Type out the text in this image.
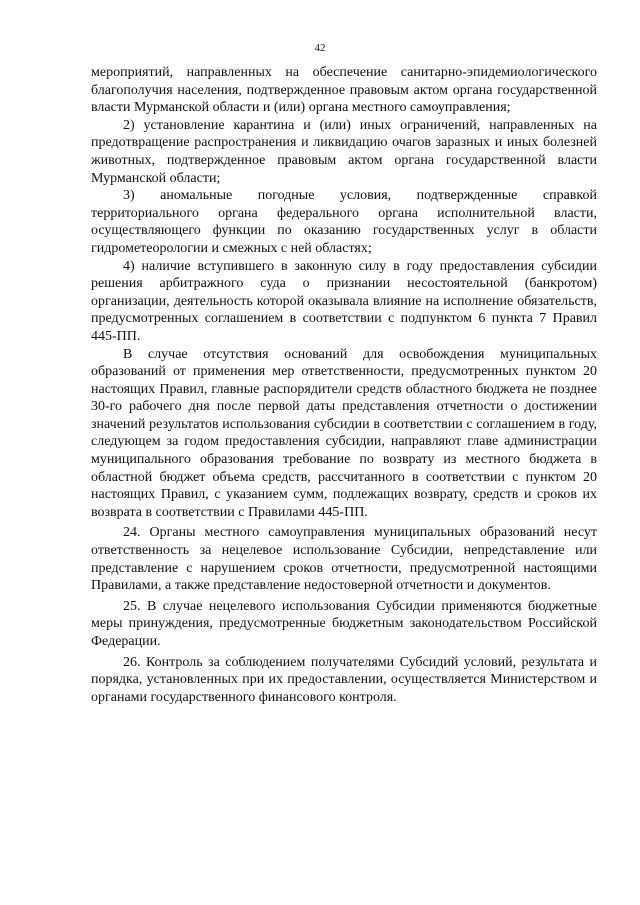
42

мероприятий, направленных на обеспечение санитарно-эпидемиологического благополучия населения, подтвержденное правовым актом органа государственной власти Мурманской области и (или) органа местного самоуправления;

2) установление карантина и (или) иных ограничений, направленных на предотвращение распространения и ликвидацию очагов заразных и иных болезней животных, подтвержденное правовым актом органа государственной власти Мурманской области;

3) аномальные погодные условия, подтвержденные справкой территориального органа федерального органа исполнительной власти, осуществляющего функции по оказанию государственных услуг в области гидрометеорологии и смежных с ней областях;

4) наличие вступившего в законную силу в году предоставления субсидии решения арбитражного суда о признании несостоятельной (банкротом) организации, деятельность которой оказывала влияние на исполнение обязательств, предусмотренных соглашением в соответствии с подпунктом 6 пункта 7 Правил 445-ПП.

В случае отсутствия оснований для освобождения муниципальных образований от применения мер ответственности, предусмотренных пунктом 20 настоящих Правил, главные распорядители средств областного бюджета не позднее 30-го рабочего дня после первой даты представления отчетности о достижении значений результатов использования субсидии в соответствии с соглашением в году, следующем за годом предоставления субсидии, направляют главе администрации муниципального образования требование по возврату из местного бюджета в областной бюджет объема средств, рассчитанного в соответствии с пунктом 20 настоящих Правил, с указанием сумм, подлежащих возврату, средств и сроков их возврата в соответствии с Правилами 445-ПП.

24. Органы местного самоуправления муниципальных образований несут ответственность за нецелевое использование Субсидии, непредставление или представление с нарушением сроков отчетности, предусмотренной настоящими Правилами, а также представление недостоверной отчетности и документов.

25. В случае нецелевого использования Субсидии применяются бюджетные меры принуждения, предусмотренные бюджетным законодательством Российской Федерации.

26. Контроль за соблюдением получателями Субсидий условий, результата и порядка, установленных при их предоставлении, осуществляется Министерством и органами государственного финансового контроля.
